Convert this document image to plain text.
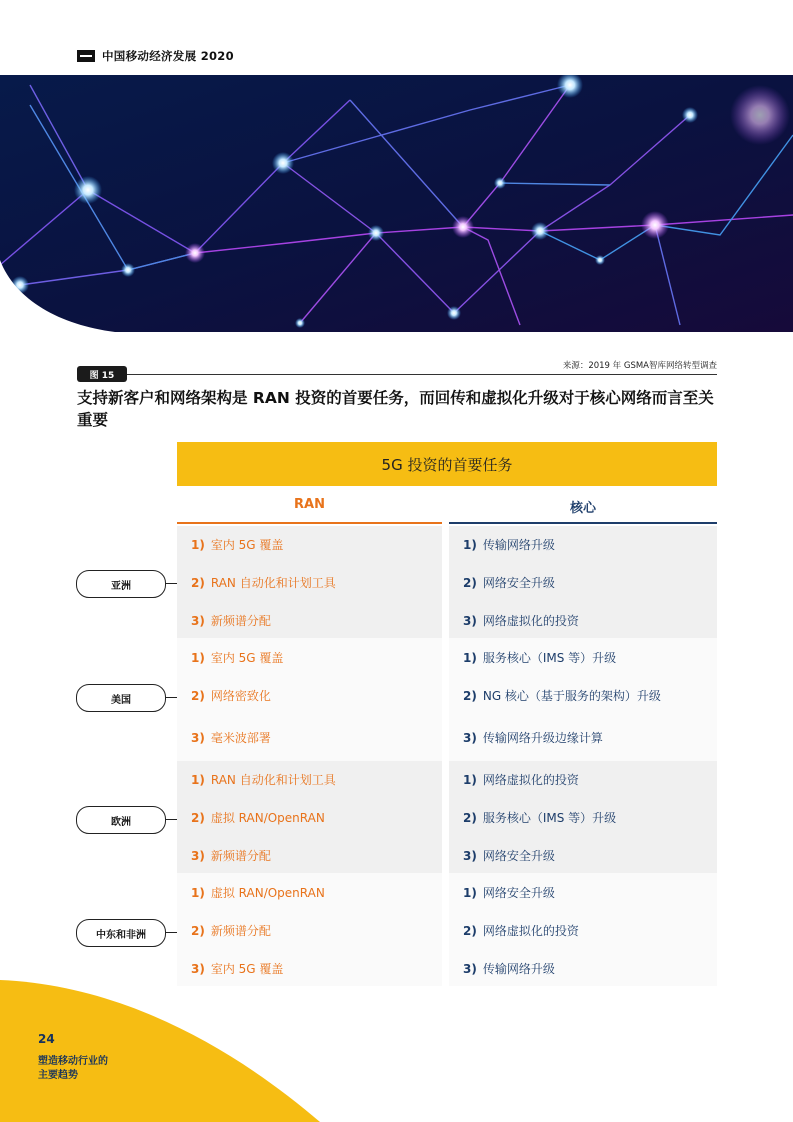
中国移动经济发展 2020
图 15
来源：2019 年 GSMA智库网络转型调查
支持新客户和网络架构是 RAN 投资的首要任务，而回传和虚拟化升级对于核心网络而言至关重要
5G 投资的首要任务
RAN	核心
亚洲
1) 室内 5G 覆盖
2) RAN 自动化和计划工具
3) 新频谱分配
1) 传输网络升级
2) 网络安全升级
3) 网络虚拟化的投资
美国
1) 室内 5G 覆盖
2) 网络密致化
3) 毫米波部署
1) 服务核心（IMS 等）升级
2) NG 核心（基于服务的架构）升级
3) 传输网络升级边缘计算
欧洲
1) RAN 自动化和计划工具
2) 虚拟 RAN/OpenRAN
3) 新频谱分配
1) 网络虚拟化的投资
2) 服务核心（IMS 等）升级
3) 网络安全升级
中东和非洲
1) 虚拟 RAN/OpenRAN
2) 新频谱分配
3) 室内 5G 覆盖
1) 网络安全升级
2) 网络虚拟化的投资
3) 传输网络升级
24
塑造移动行业的
主要趋势
